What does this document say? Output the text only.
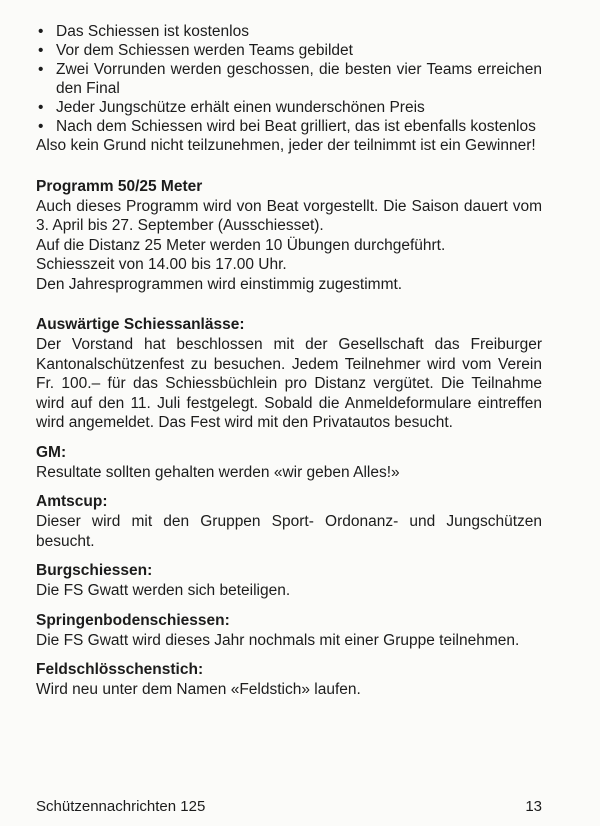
• Das Schiessen ist kostenlos
• Vor dem Schiessen werden Teams gebildet
• Zwei Vorrunden werden geschossen, die besten vier Teams erreichen den Final
• Jeder Jungschütze erhält einen wunderschönen Preis
• Nach dem Schiessen wird bei Beat grilliert, das ist ebenfalls kostenlos

Also kein Grund nicht teilzunehmen, jeder der teilnimmt ist ein Gewinner!

Programm 50/25 Meter

Auch dieses Programm wird von Beat vorgestellt. Die Saison dauert vom 3. April bis 27. September (Ausschiesset).

Auf die Distanz 25 Meter werden 10 Übungen durchgeführt.

Schiesszeit von 14.00 bis 17.00 Uhr.

Den Jahresprogrammen wird einstimmig zugestimmt.

Auswärtige Schiessanlässe:

Der Vorstand hat beschlossen mit der Gesellschaft das Freiburger Kantonalschützenfest zu besuchen. Jedem Teilnehmer wird vom Verein Fr. 100.– für das Schiessbüchlein pro Distanz vergütet. Die Teilnahme wird auf den 11. Juli festgelegt. Sobald die Anmeldeformulare eintreffen wird angemeldet. Das Fest wird mit den Privatautos besucht.

GM:

Resultate sollten gehalten werden «wir geben Alles!»

Amtscup:

Dieser wird mit den Gruppen Sport- Ordonanz- und Jungschützen besucht.

Burgschiessen:

Die FS Gwatt werden sich beteiligen.

Springenbodenschiessen:

Die FS Gwatt wird dieses Jahr nochmals mit einer Gruppe teilnehmen.

Feldschlösschenstich:

Wird neu unter dem Namen «Feldstich» laufen.

Schützennachrichten 125	13
